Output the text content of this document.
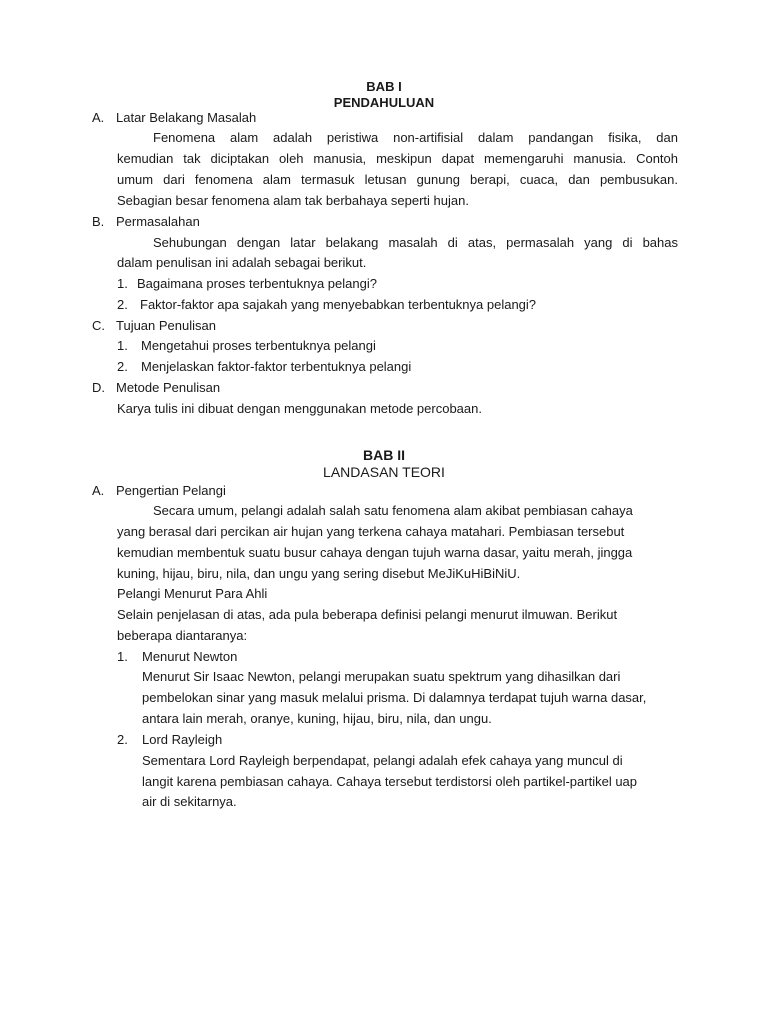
BAB I
PENDAHULUAN
A. Latar Belakang Masalah
Fenomena alam adalah peristiwa non-artifisial dalam pandangan fisika, dan
kemudian tak diciptakan oleh manusia, meskipun dapat memengaruhi manusia. Contoh
umum dari fenomena alam termasuk letusan gunung berapi, cuaca, dan pembusukan.
Sebagian besar fenomena alam tak berbahaya seperti hujan.
B. Permasalahan
Sehubungan dengan latar belakang masalah di atas, permasalah yang di bahas
dalam penulisan ini adalah sebagai berikut.
1. Bagaimana proses terbentuknya pelangi?
2. Faktor-faktor apa sajakah yang menyebabkan terbentuknya pelangi?
C. Tujuan Penulisan
1. Mengetahui proses terbentuknya pelangi
2. Menjelaskan faktor-faktor terbentuknya pelangi
D. Metode Penulisan
Karya tulis ini dibuat dengan menggunakan metode percobaan.
BAB II
LANDASAN TEORI
A. Pengertian Pelangi
Secara umum, pelangi adalah salah satu fenomena alam akibat pembiasan cahaya
yang berasal dari percikan air hujan yang terkena cahaya matahari. Pembiasan tersebut
kemudian membentuk suatu busur cahaya dengan tujuh warna dasar, yaitu merah, jingga
kuning, hijau, biru, nila, dan ungu yang sering disebut MeJiKuHiBiNiU.
Pelangi Menurut Para Ahli
Selain penjelasan di atas, ada pula beberapa definisi pelangi menurut ilmuwan. Berikut
beberapa diantaranya:
1. Menurut Newton
Menurut Sir Isaac Newton, pelangi merupakan suatu spektrum yang dihasilkan dari
pembelokan sinar yang masuk melalui prisma. Di dalamnya terdapat tujuh warna dasar,
antara lain merah, oranye, kuning, hijau, biru, nila, dan ungu.
2. Lord Rayleigh
Sementara Lord Rayleigh berpendapat, pelangi adalah efek cahaya yang muncul di
langit karena pembiasan cahaya. Cahaya tersebut terdistorsi oleh partikel-partikel uap
air di sekitarnya.
